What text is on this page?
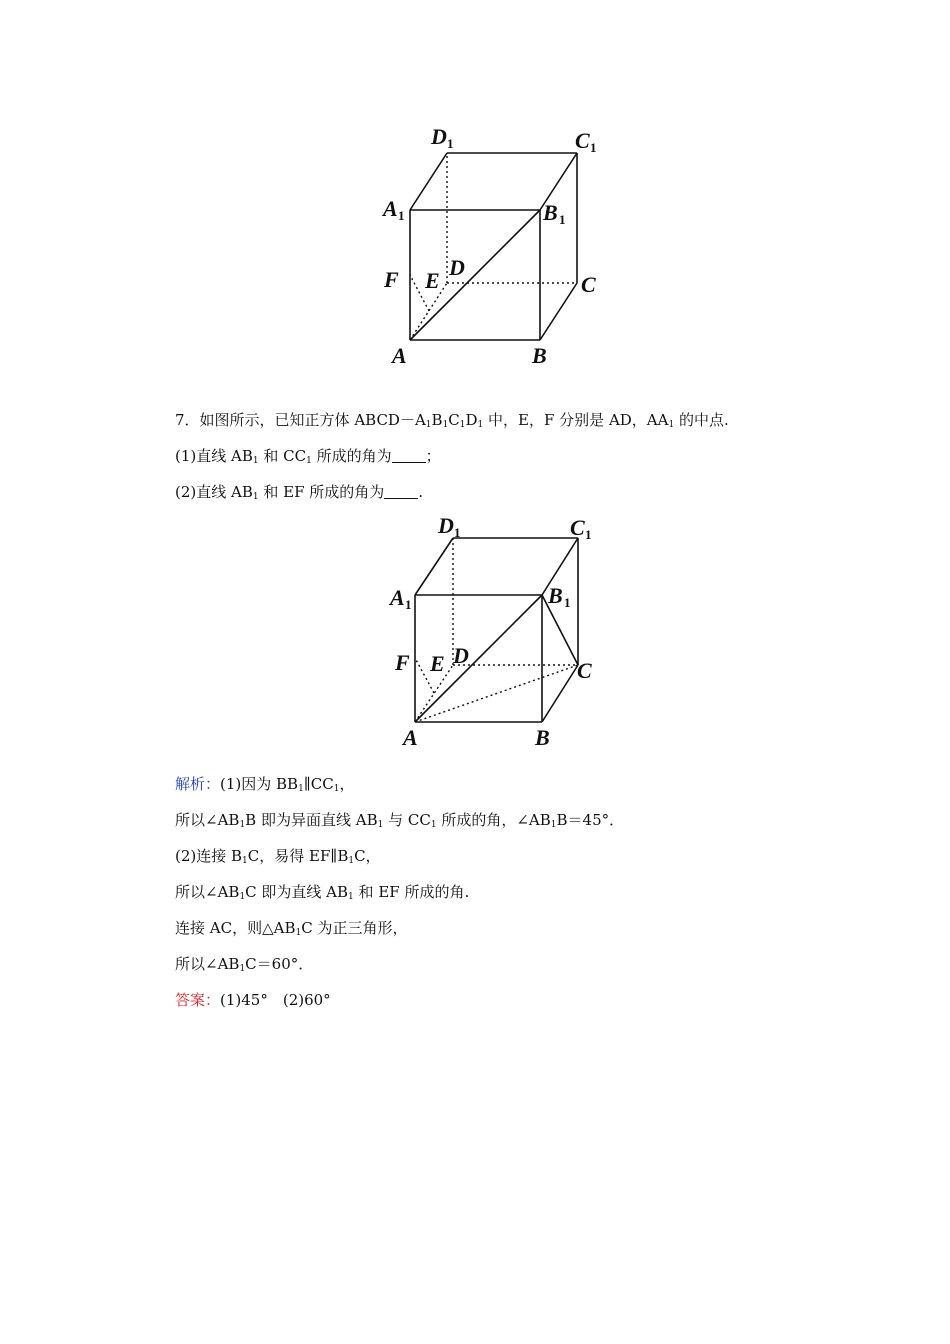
D 1	C 1
A 1	B 1
F E
D
C
A	B
7．如图所示，已知正方体 $ABCD-A_1B_1C_1D_1$ 中，E，F 分别是 AD，$AA_1$ 的中点.
(1)直线 $AB_1$ 和 $CC_1$ 所成的角为 ；
(2)直线 $AB_1$ 和 EF 所成的角为 .
D 1	C 1
A 1	B 1
F E D
C
A	B
解析：(1)因为 $BB_1\parallel CC_1$，
所以$\angle AB_1B$ 即为异面直线 $AB_1$ 与 $CC_1$ 所成的角，$\angle AB_1B=45^\circ$．
(2)连接 $B_1C$，易得 $EF\parallel B_1C$，
所以$\angle AB_1C$ 即为直线 $AB_1$ 和 EF 所成的角.
连接 AC，则$\triangle AB_1C$ 为正三角形，
所以$\angle AB_1C=60^\circ$．
答案：(1)45°　(2)60°
